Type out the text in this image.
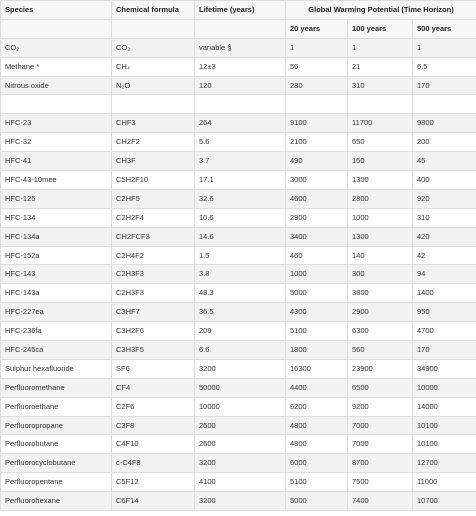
Species	Chemical formula	Lifetime (years)	Global Warming Potential (Time Horizon)		
			20 years	100 years	500 years
CO₂	CO₂	variable §	1	1	1
Methane *	CH₄	12±3	56	21	6.5
Nitrous oxide	N₂O	120	280	310	170

HFC-23	CHF3	264	9100	11700	9800
HFC-32	CH2F2	5.6	2100	650	200
HFC-41	CH3F	3.7	490	150	45
HFC-43-10mee	C5H2F10	17.1	3000	1300	400
HFC-125	C2HF5	32.6	4600	2800	920
HFC-134	C2H2F4	10.6	2900	1000	310
HFC-134a	CH2FCF3	14.6	3400	1300	420
HFC-152a	C2H4F2	1.5	460	140	42
HFC-143	C2H3F3	3.8	1000	300	94
HFC-143a	C2H3F3	48.3	5000	3800	1400
HFC-227ea	C3HF7	36.5	4300	2900	950
HFC-236fa	C3H2F6	209	5100	6300	4700
HFC-245ca	C3H3F5	6.6	1800	560	170
Sulphur hexafluoride	SF6	3200	16300	23900	34900
Perfluoromethane	CF4	50000	4400	6500	10000
Perfluoroethane	C2F6	10000	6200	9200	14000
Perfluoropropane	C3F8	2600	4800	7000	10100
Perfluorobutane	C4F10	2600	4800	7000	10100
Perfluorocyclobutane	c-C4F8	3200	6000	8700	12700
Perfluoropentane	C5F12	4100	5100	7500	11000
Perfluorohexane	C6F14	3200	5000	7400	10700
